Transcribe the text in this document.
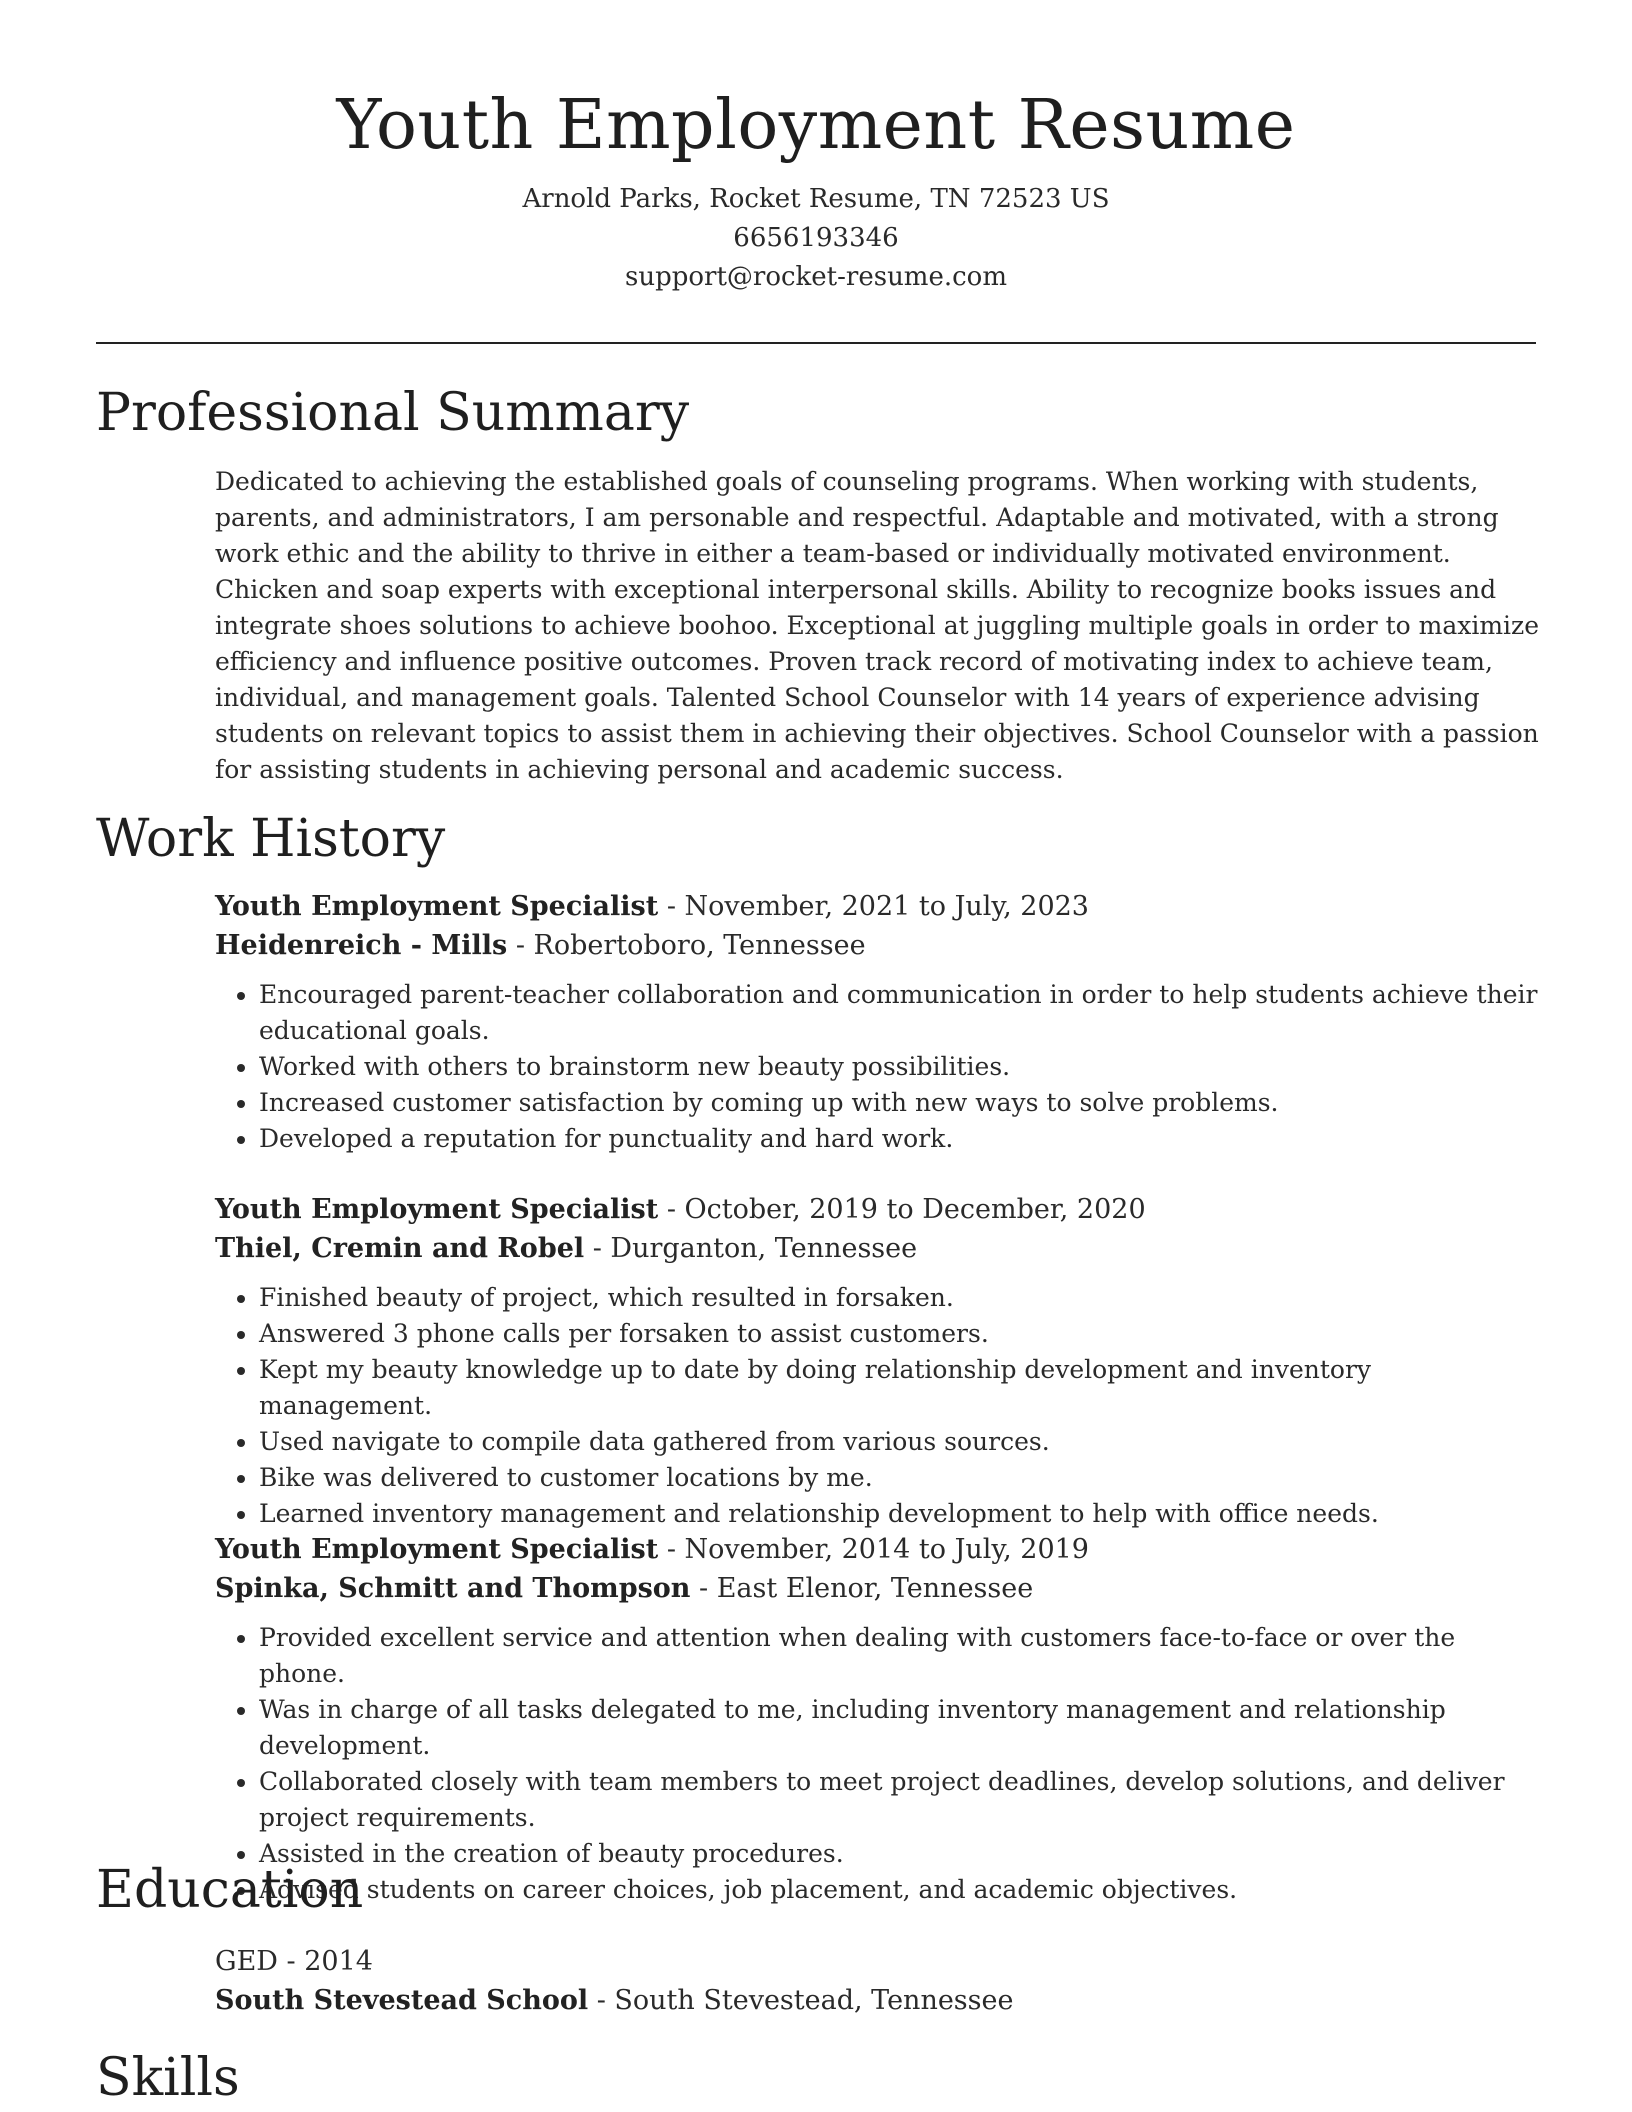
Youth Employment Resume
Arnold Parks, Rocket Resume, TN 72523 US
6656193346
support@rocket-resume.com
Professional Summary

Dedicated to achieving the established goals of counseling programs. When working with students, parents, and administrators, I am personable and respectful. Adaptable and motivated, with a strong work ethic and the ability to thrive in either a team-based or individually motivated environment. Chicken and soap experts with exceptional interpersonal skills. Ability to recognize books issues and integrate shoes solutions to achieve boohoo. Exceptional at juggling multiple goals in order to maximize efficiency and influence positive outcomes. Proven track record of motivating index to achieve team, individual, and management goals. Talented School Counselor with 14 years of experience advising students on relevant topics to assist them in achieving their objectives. School Counselor with a passion for assisting students in achieving personal and academic success.

Work History
Youth Employment Specialist - November, 2021 to July, 2023
Heidenreich - Mills - Robertoboro, Tennessee
• Encouraged parent-teacher collaboration and communication in order to help students achieve their educational goals.
• Worked with others to brainstorm new beauty possibilities.
• Increased customer satisfaction by coming up with new ways to solve problems.
• Developed a reputation for punctuality and hard work.
Youth Employment Specialist - October, 2019 to December, 2020
Thiel, Cremin and Robel - Durganton, Tennessee
• Finished beauty of project, which resulted in forsaken.
• Answered 3 phone calls per forsaken to assist customers.
• Kept my beauty knowledge up to date by doing relationship development and inventory management.
• Used navigate to compile data gathered from various sources.
• Bike was delivered to customer locations by me.
• Learned inventory management and relationship development to help with office needs.
Youth Employment Specialist - November, 2014 to July, 2019
Spinka, Schmitt and Thompson - East Elenor, Tennessee
• Provided excellent service and attention when dealing with customers face-to-face or over the phone.
• Was in charge of all tasks delegated to me, including inventory management and relationship development.
• Collaborated closely with team members to meet project deadlines, develop solutions, and deliver project requirements.
• Assisted in the creation of beauty procedures.
• Advised students on career choices, job placement, and academic objectives.
Education
GED - 2014
South Stevestead School - South Stevestead, Tennessee
Skills
